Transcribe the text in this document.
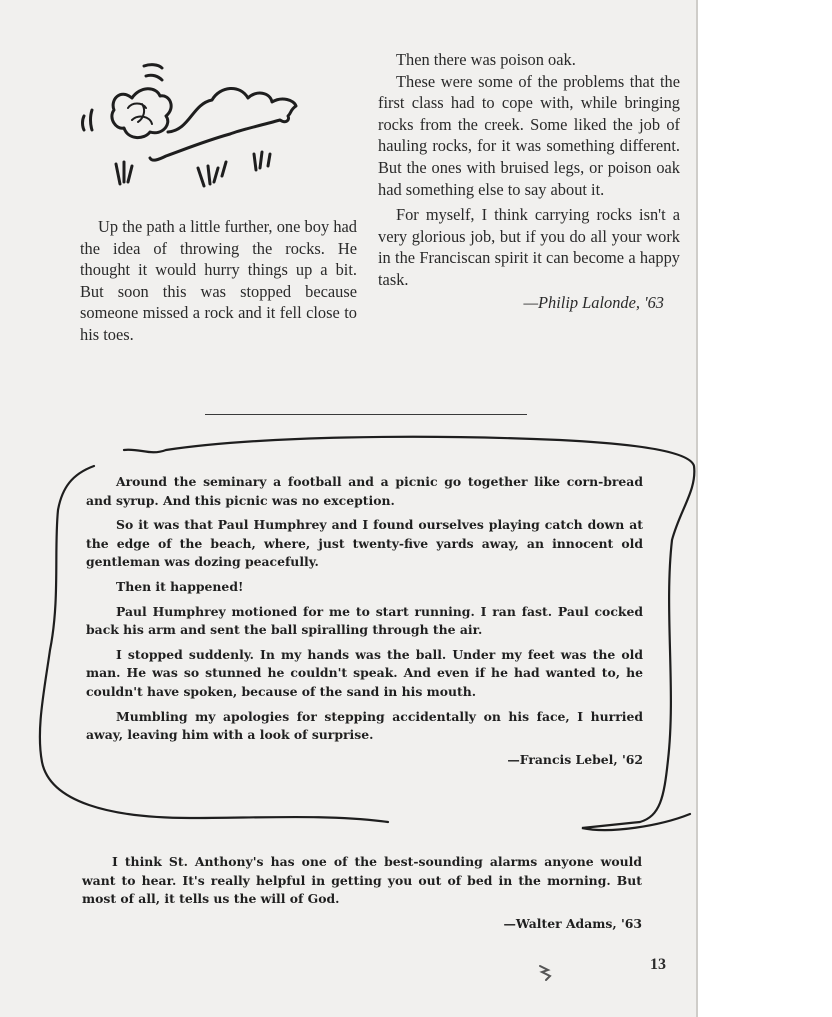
Up the path a little further, one boy had the idea of throwing the rocks. He thought it would hurry things up a bit. But soon this was stopped because someone missed a rock and it fell close to his toes.

Then there was poison oak.

These were some of the problems that the first class had to cope with, while bringing rocks from the creek. Some liked the job of hauling rocks, for it was something different. But the ones with bruised legs, or poison oak had something else to say about it.

For myself, I think carrying rocks isn't a very glorious job, but if you do all your work in the Franciscan spirit it can become a happy task.

—Philip Lalonde, '63

Around the seminary a football and a picnic go together like corn-bread and syrup. And this picnic was no exception.

So it was that Paul Humphrey and I found ourselves playing catch down at the edge of the beach, where, just twenty-five yards away, an innocent old gentleman was dozing peacefully.

Then it happened!

Paul Humphrey motioned for me to start running. I ran fast. Paul cocked back his arm and sent the ball spiralling through the air.

I stopped suddenly. In my hands was the ball. Under my feet was the old man. He was so stunned he couldn't speak. And even if he had wanted to, he couldn't have spoken, because of the sand in his mouth.

Mumbling my apologies for stepping accidentally on his face, I hurried away, leaving him with a look of surprise.

—Francis Lebel, '62

I think St. Anthony's has one of the best-sounding alarms anyone would want to hear. It's really helpful in getting you out of bed in the morning. But most of all, it tells us the will of God.

—Walter Adams, '63

13
